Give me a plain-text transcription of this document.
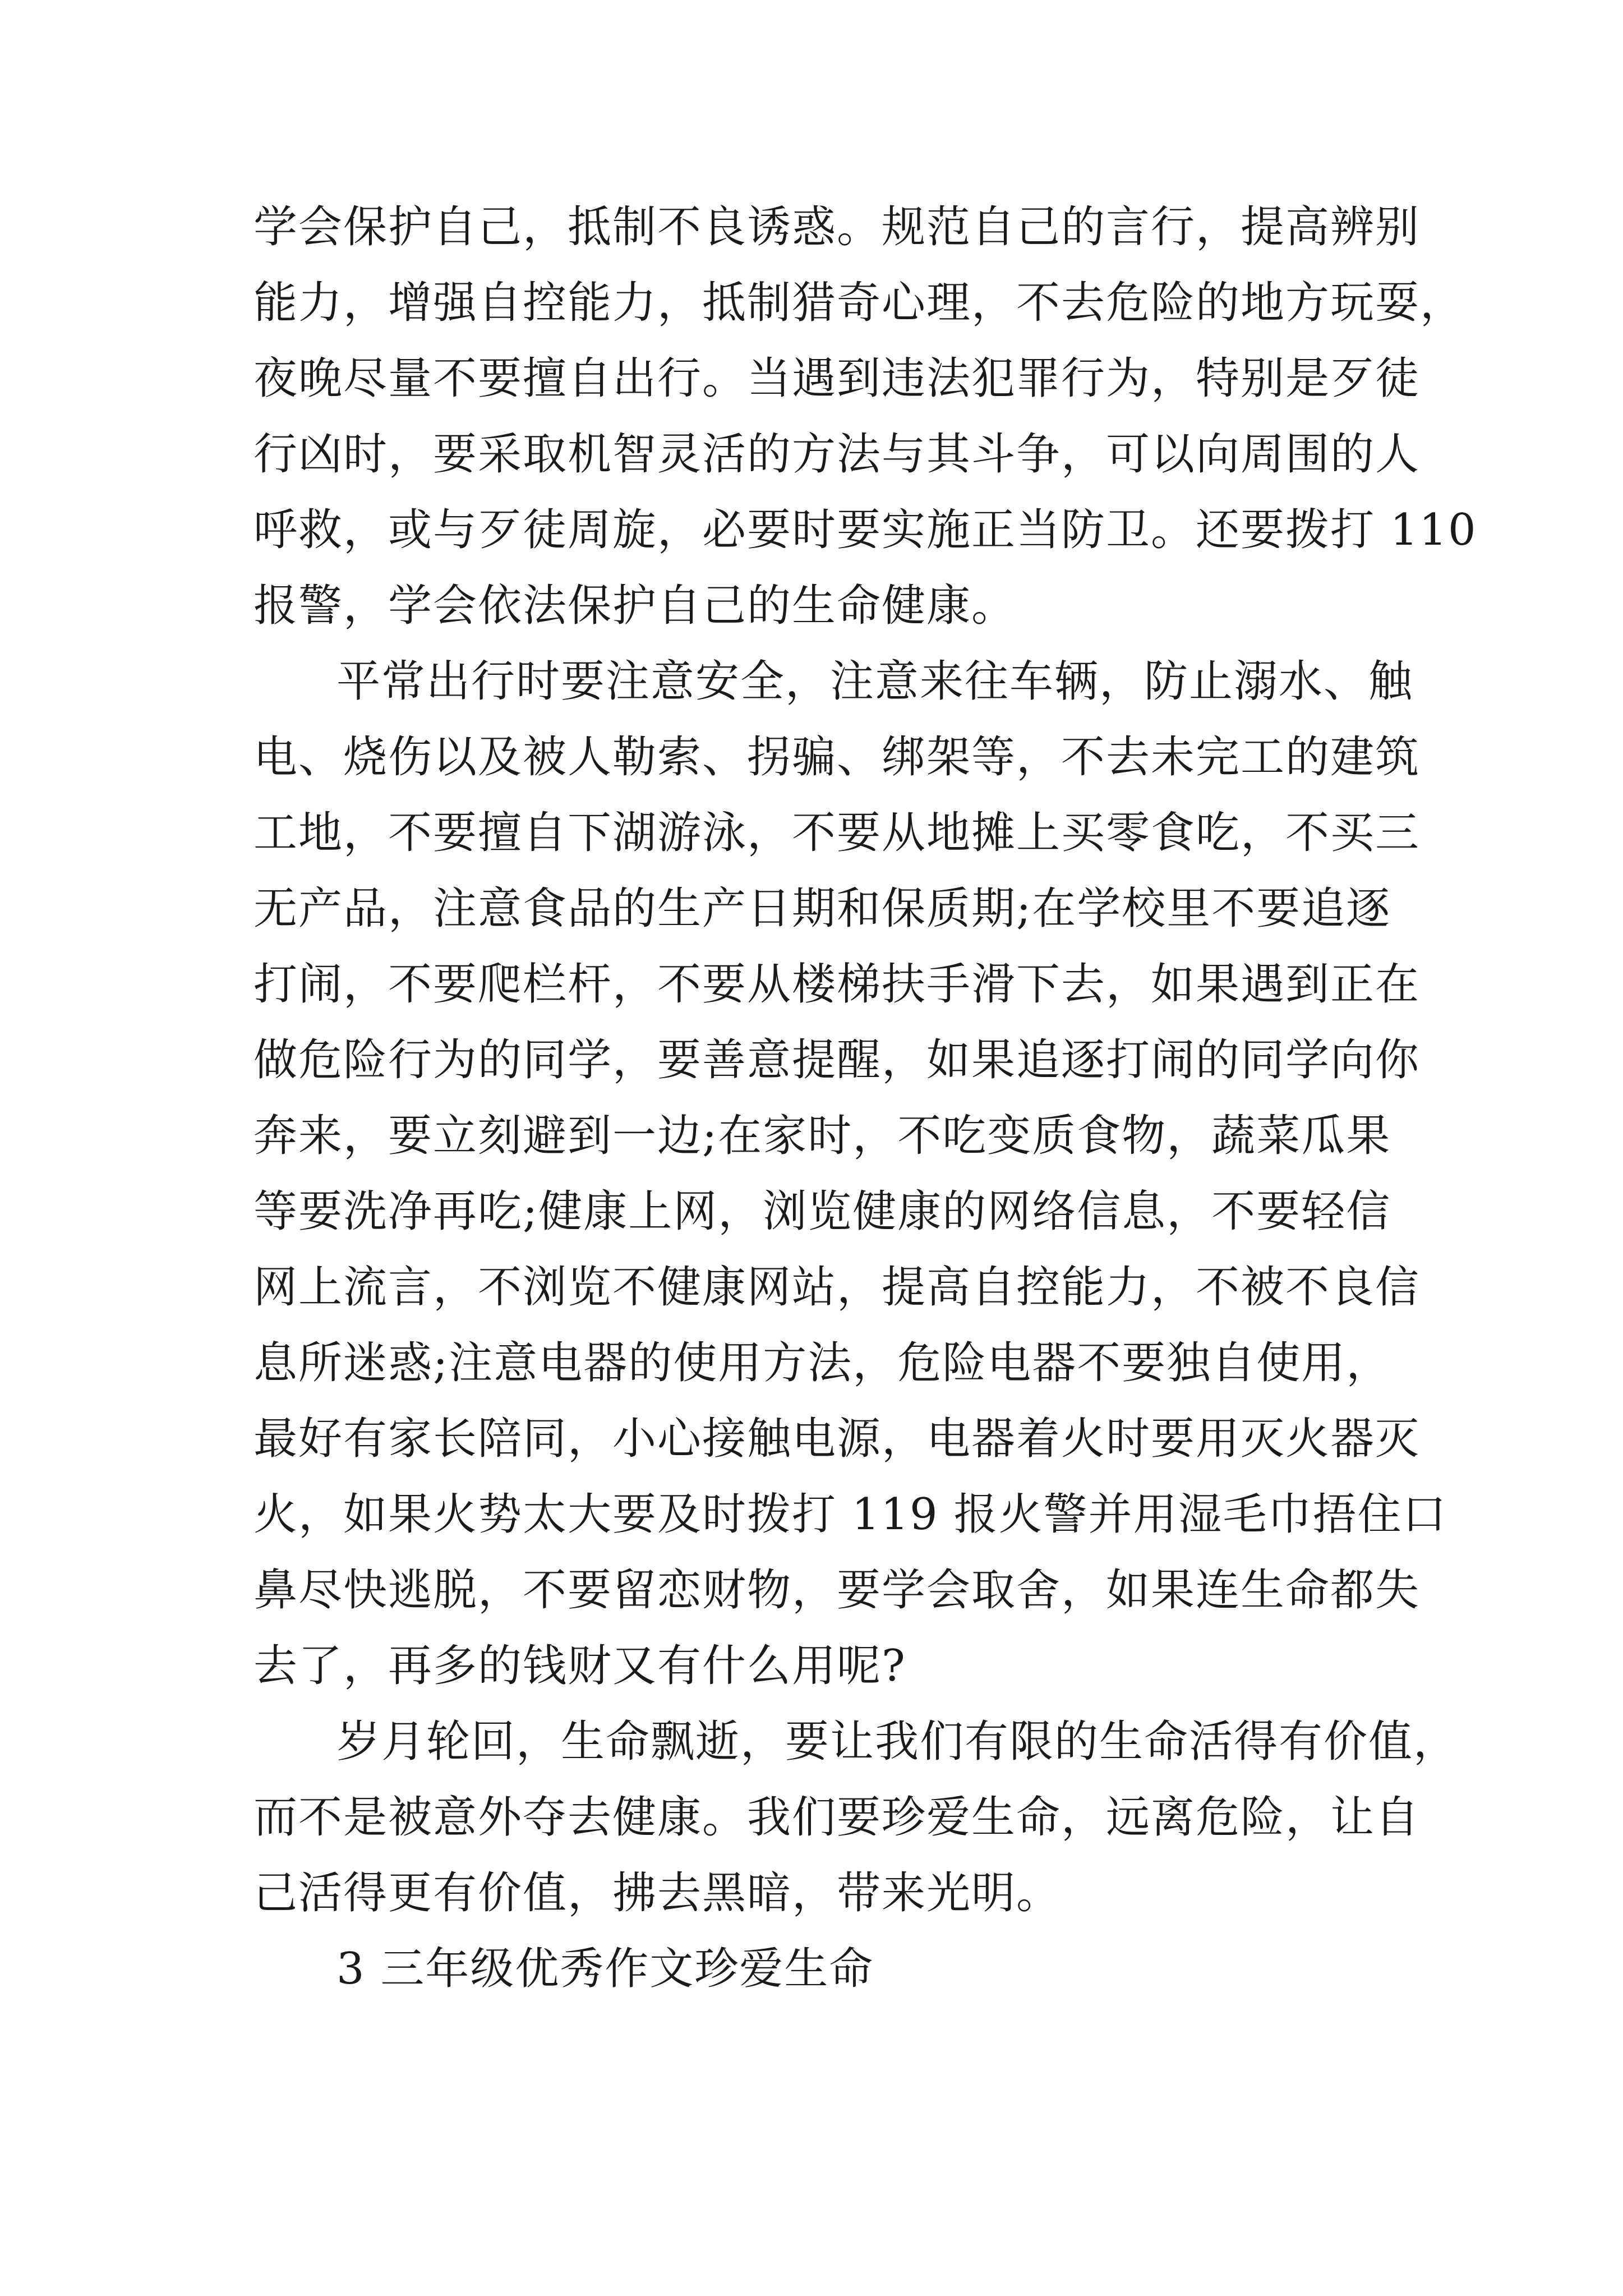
学会保护自己，抵制不良诱惑。规范自己的言行，提高辨别
能力，增强自控能力，抵制猎奇心理，不去危险的地方玩耍，
夜晚尽量不要擅自出行。当遇到违法犯罪行为，特别是歹徒
行凶时，要采取机智灵活的方法与其斗争，可以向周围的人
呼救，或与歹徒周旋，必要时要实施正当防卫。还要拨打 110
报警，学会依法保护自己的生命健康。
平常出行时要注意安全，注意来往车辆，防止溺水、触
电、烧伤以及被人勒索、拐骗、绑架等，不去未完工的建筑
工地，不要擅自下湖游泳，不要从地摊上买零食吃，不买三
无产品，注意食品的生产日期和保质期;在学校里不要追逐
打闹，不要爬栏杆，不要从楼梯扶手滑下去，如果遇到正在
做危险行为的同学，要善意提醒，如果追逐打闹的同学向你
奔来，要立刻避到一边;在家时，不吃变质食物，蔬菜瓜果
等要洗净再吃;健康上网，浏览健康的网络信息，不要轻信
网上流言，不浏览不健康网站，提高自控能力，不被不良信
息所迷惑;注意电器的使用方法，危险电器不要独自使用，
最好有家长陪同，小心接触电源，电器着火时要用灭火器灭
火，如果火势太大要及时拨打 119 报火警并用湿毛巾捂住口
鼻尽快逃脱，不要留恋财物，要学会取舍，如果连生命都失
去了，再多的钱财又有什么用呢?
岁月轮回，生命飘逝，要让我们有限的生命活得有价值，
而不是被意外夺去健康。我们要珍爱生命，远离危险，让自
己活得更有价值，拂去黑暗，带来光明。
3 三年级优秀作文珍爱生命
